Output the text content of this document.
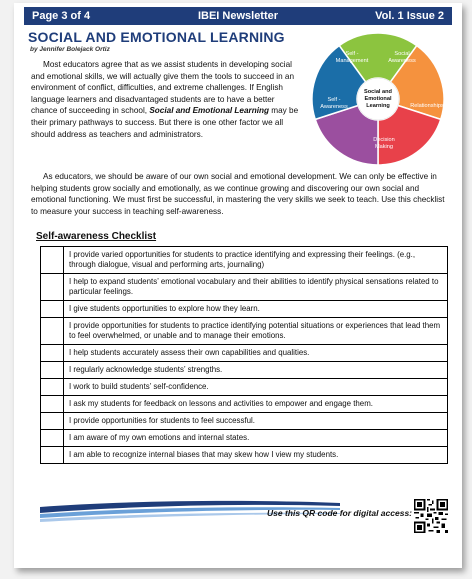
IBEI Newsletter
Page 3 of 4	Vol. 1 Issue 2
SOCIAL AND EMOTIONAL LEARNING
by Jennifer Bolejack Ortiz

Most educators agree that as we assist students in developing social and emotional skills, we will actually give them the tools to succeed in an environment of conflict, difficulties, and extreme challenges. If English language learners and disadvantaged students are to have a better chance of succeeding in school, Social and Emotional Learning may be their primary pathways to success. But there is one other factor we all should address as teachers and administrators.

As educators, we should be aware of our own social and emotional development. We can only be effective in helping students grow socially and emotionally, as we continue growing and discovering our own social and emotional functioning. We must first be successful, in mastering the very skills we seek to teach. Use this checklist to measure your success in teaching self-awareness.

Social and
Emotional
Learning
Self -
Management
Social
Awareness
Relationships
Decision
Making
Self -
Awareness
Self-awareness Checklist
	I provide varied opportunities for students to practice identifying and expressing their feelings. (e.g., through dialogue, visual and performing arts, journaling)
	I help to expand students’ emotional vocabulary and their abilities to identify physical sensations related to particular feelings.
	I give students opportunities to explore how they learn.
	I provide opportunities for students to practice identifying potential situations or experiences that lead them to feel overwhelmed, or unable and to manage their emotions.
	I help students accurately assess their own capabilities and qualities.
	I regularly acknowledge students’ strengths.
	I work to build students’ self-confidence.
	I ask my students for feedback on lessons and activities to empower and engage them.
	I provide opportunities for students to feel successful.
	I am aware of my own emotions and internal states.
	I am able to recognize internal biases that may skew how I view my students.
Use this QR code for digital access:
